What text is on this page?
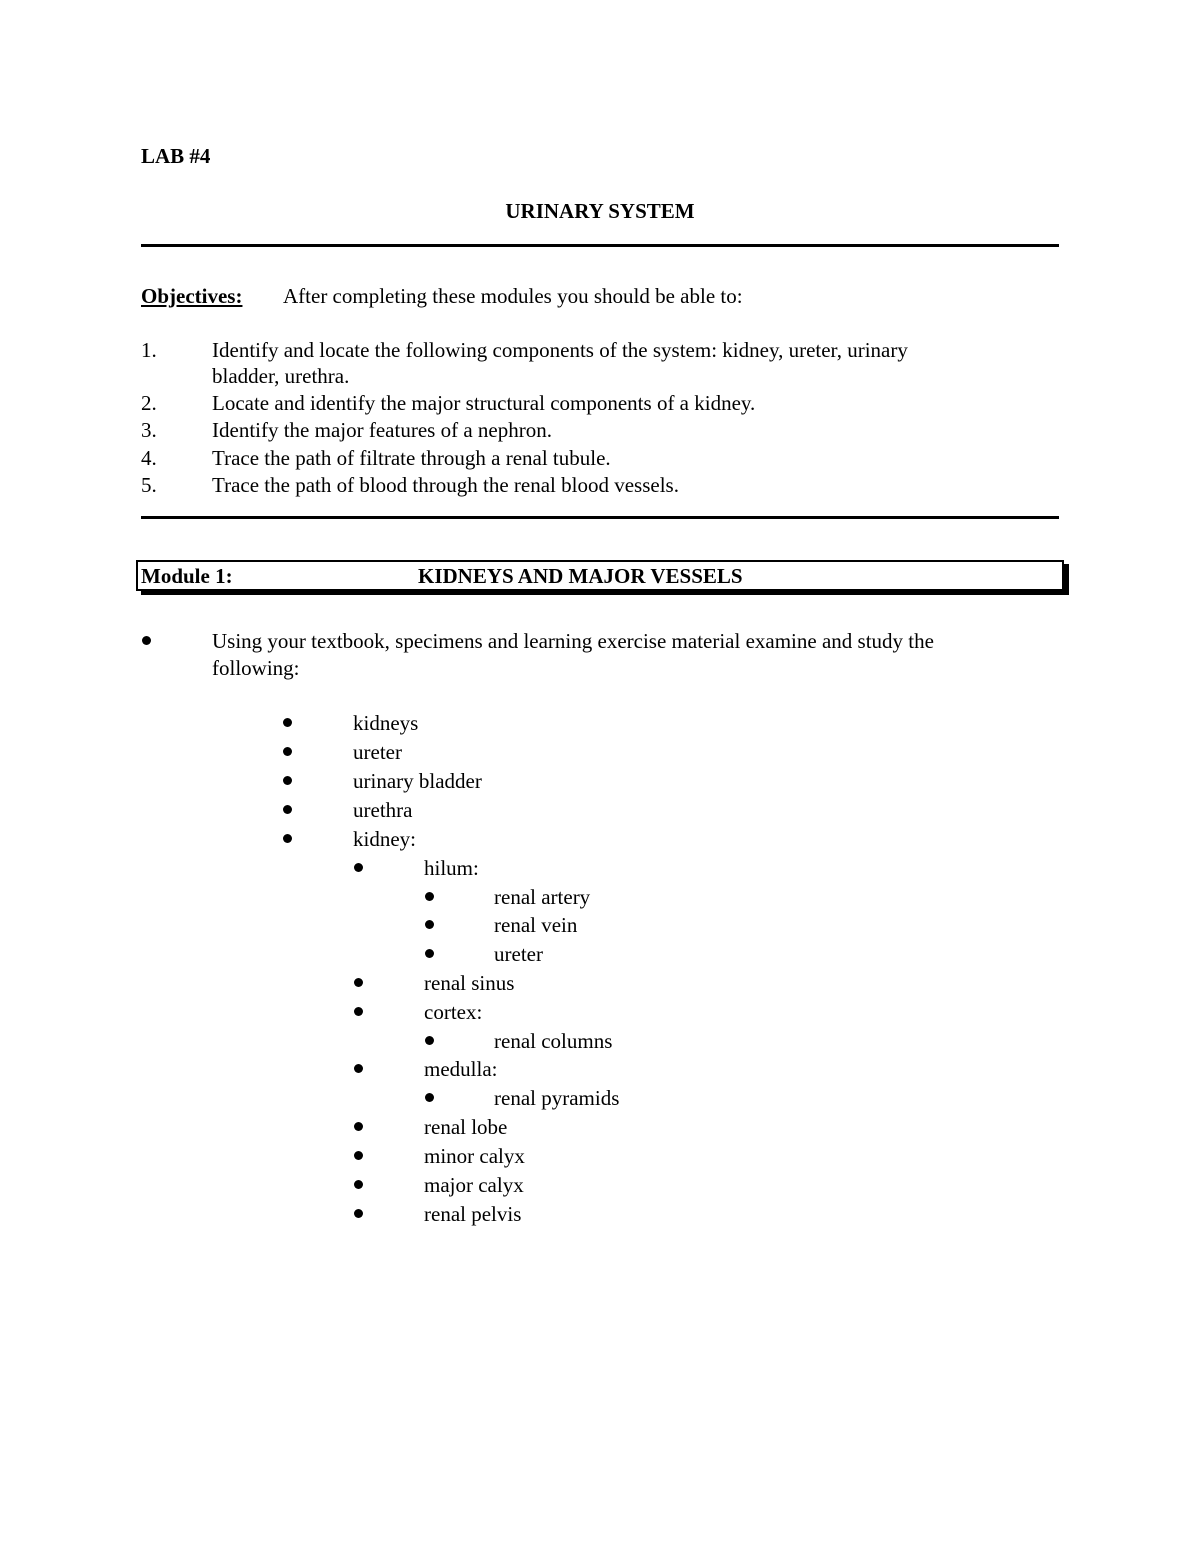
LAB #4
URINARY SYSTEM
Objectives: After completing these modules you should be able to:
1.	Identify and locate the following components of the system: kidney, ureter, urinary
bladder, urethra.
2.	Locate and identify the major structural components of a kidney.
3.	Identify the major features of a nephron.
4.	Trace the path of filtrate through a renal tubule.
5.	Trace the path of blood through the renal blood vessels.
Module 1:	KIDNEYS AND MAJOR VESSELS
Using your textbook, specimens and learning exercise material examine and study the
following:
kidneys
ureter
urinary bladder
urethra
kidney:
hilum:
renal artery
renal vein
ureter
renal sinus
cortex:
renal columns
medulla:
renal pyramids
renal lobe
minor calyx
major calyx
renal pelvis
